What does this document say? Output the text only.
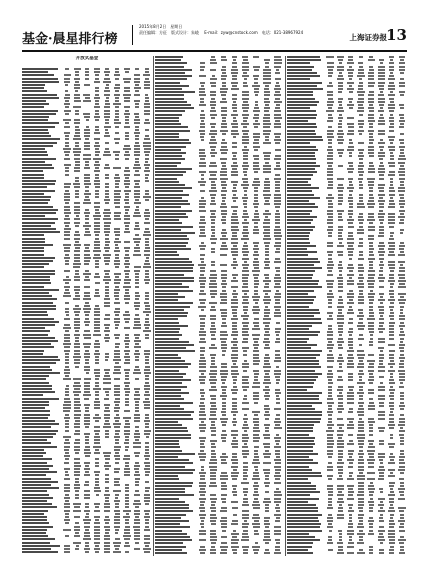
基金·晨星排行榜
2015年8月2日　星期日
责任编辑：方征　版式设计：朱峻 　E-mail：zyw@cnstock.com　电话：021-38967924
上海证券报 13
开放式基金
